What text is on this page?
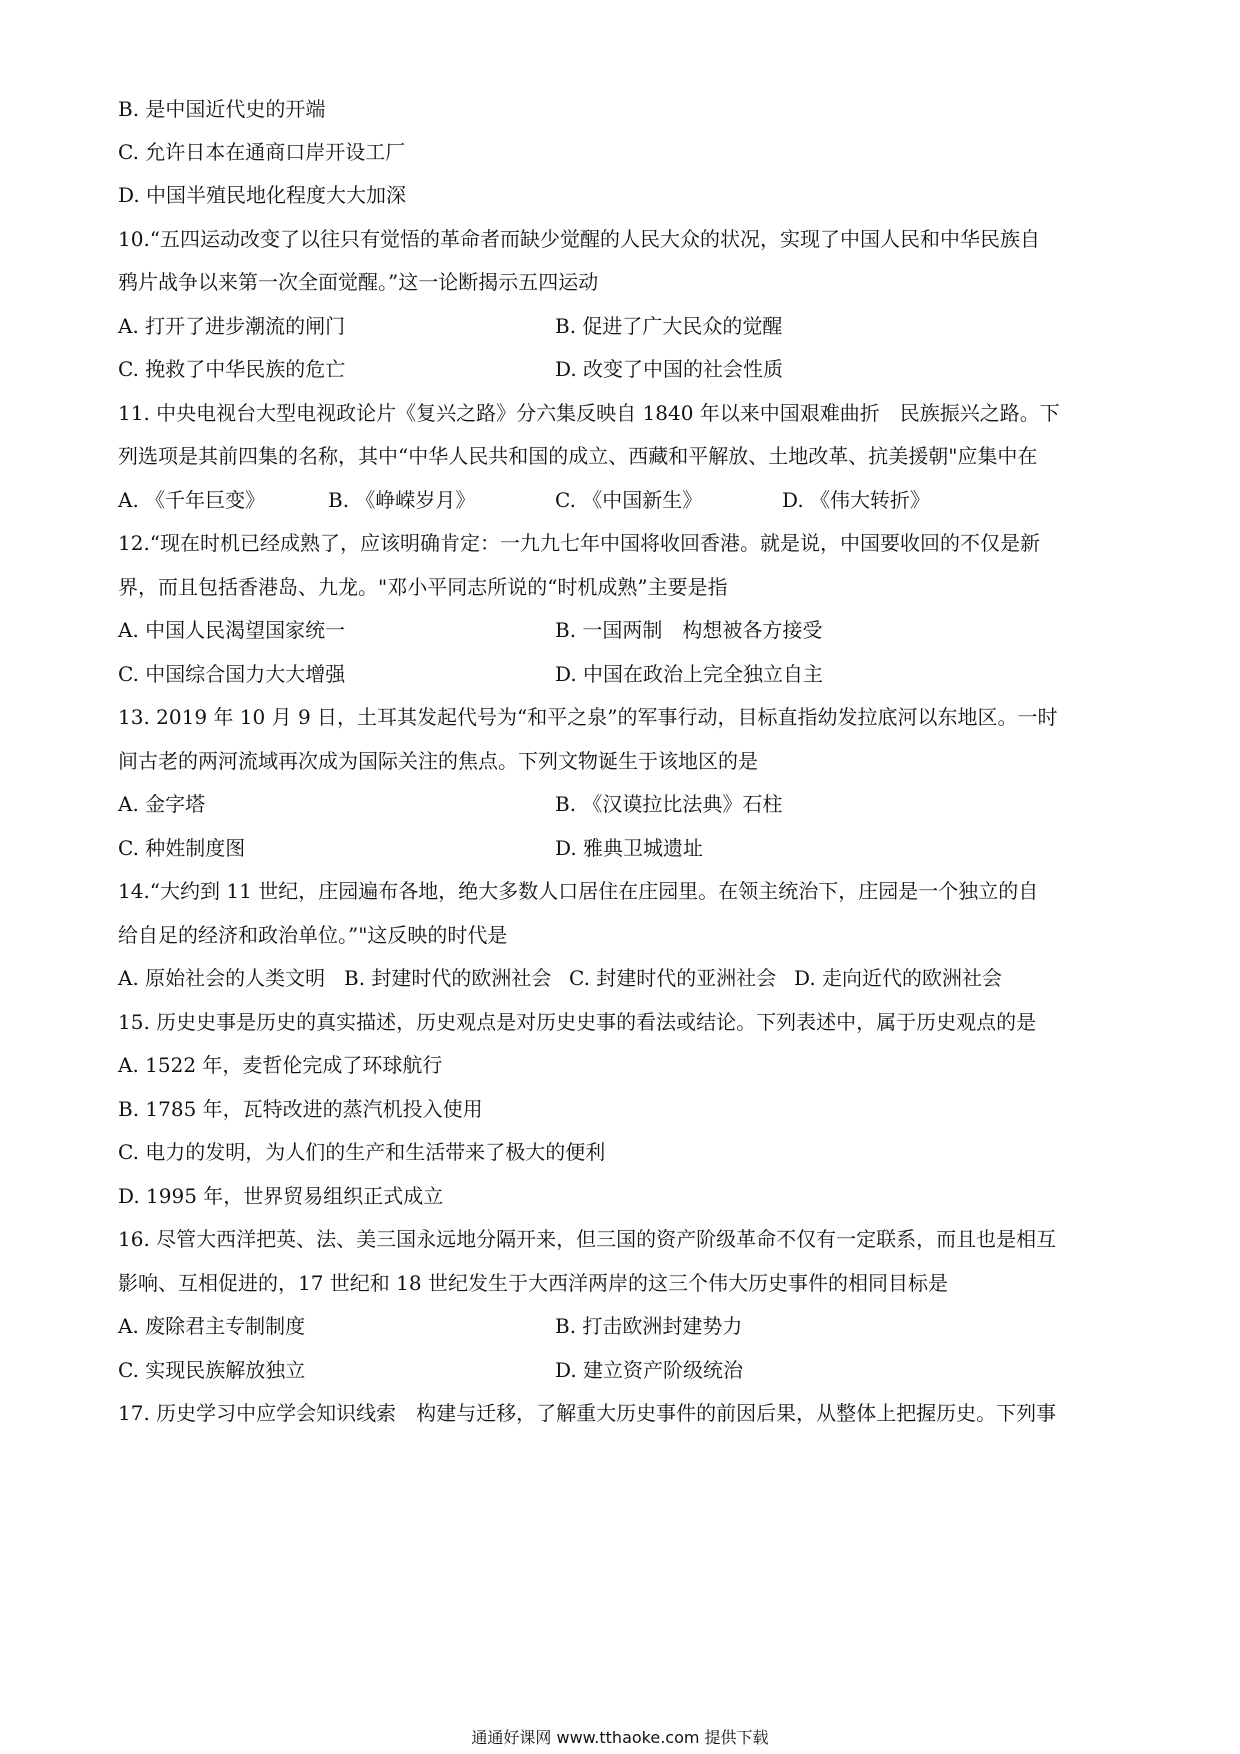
B. 是中国近代史的开端
C. 允许日本在通商口岸开设工厂
D. 中国半殖民地化程度大大加深
10.“五四运动改变了以往只有觉悟的革命者而缺少觉醒的人民大众的状况，实现了中国人民和中华民族自
鸦片战争以来第一次全面觉醒。”这一论断揭示五四运动
A. 打开了进步潮流的闸门	B. 促进了广大民众的觉醒
C. 挽救了中华民族的危亡	D. 改变了中国的社会性质
11. 中央电视台大型电视政论片《复兴之路》分六集反映自 1840 年以来中国艰难曲折　民族振兴之路。下
列选项是其前四集的名称，其中“中华人民共和国的成立、西藏和平解放、土地改革、抗美援朝"应集中在
A. 《千年巨变》	B. 《峥嵘岁月》	C. 《中国新生》	D. 《伟大转折》
12.“现在时机已经成熟了，应该明确肯定：一九九七年中国将收回香港。就是说，中国要收回的不仅是新
界，而且包括香港岛、九龙。"邓小平同志所说的“时机成熟”主要是指
A. 中国人民渴望国家统一	B. 一国两制　构想被各方接受
C. 中国综合国力大大增强	D. 中国在政治上完全独立自主
13. 2019 年 10 月 9 日，土耳其发起代号为“和平之泉”的军事行动，目标直指幼发拉底河以东地区。一时
间古老的两河流域再次成为国际关注的焦点。下列文物诞生于该地区的是
A. 金字塔	B. 《汉谟拉比法典》石柱
C. 种姓制度图	D. 雅典卫城遗址
14.“大约到 11 世纪，庄园遍布各地，绝大多数人口居住在庄园里。在领主统治下，庄园是一个独立的自
给自足的经济和政治单位。”"这反映的时代是
A. 原始社会的人类文明 B. 封建时代的欧洲社会 C. 封建时代的亚洲社会 D. 走向近代的欧洲社会
15. 历史史事是历史的真实描述，历史观点是对历史史事的看法或结论。下列表述中，属于历史观点的是
A. 1522 年，麦哲伦完成了环球航行
B. 1785 年，瓦特改进的蒸汽机投入使用
C. 电力的发明，为人们的生产和生活带来了极大的便利
D. 1995 年，世界贸易组织正式成立
16. 尽管大西洋把英、法、美三国永远地分隔开来，但三国的资产阶级革命不仅有一定联系，而且也是相互
影响、互相促进的，17 世纪和 18 世纪发生于大西洋两岸的这三个伟大历史事件的相同目标是
A. 废除君主专制制度	B. 打击欧洲封建势力
C. 实现民族解放独立	D. 建立资产阶级统治
17. 历史学习中应学会知识线索　构建与迁移，了解重大历史事件的前因后果，从整体上把握历史。下列事
通通好课网 www.tthaoke.com 提供下载
